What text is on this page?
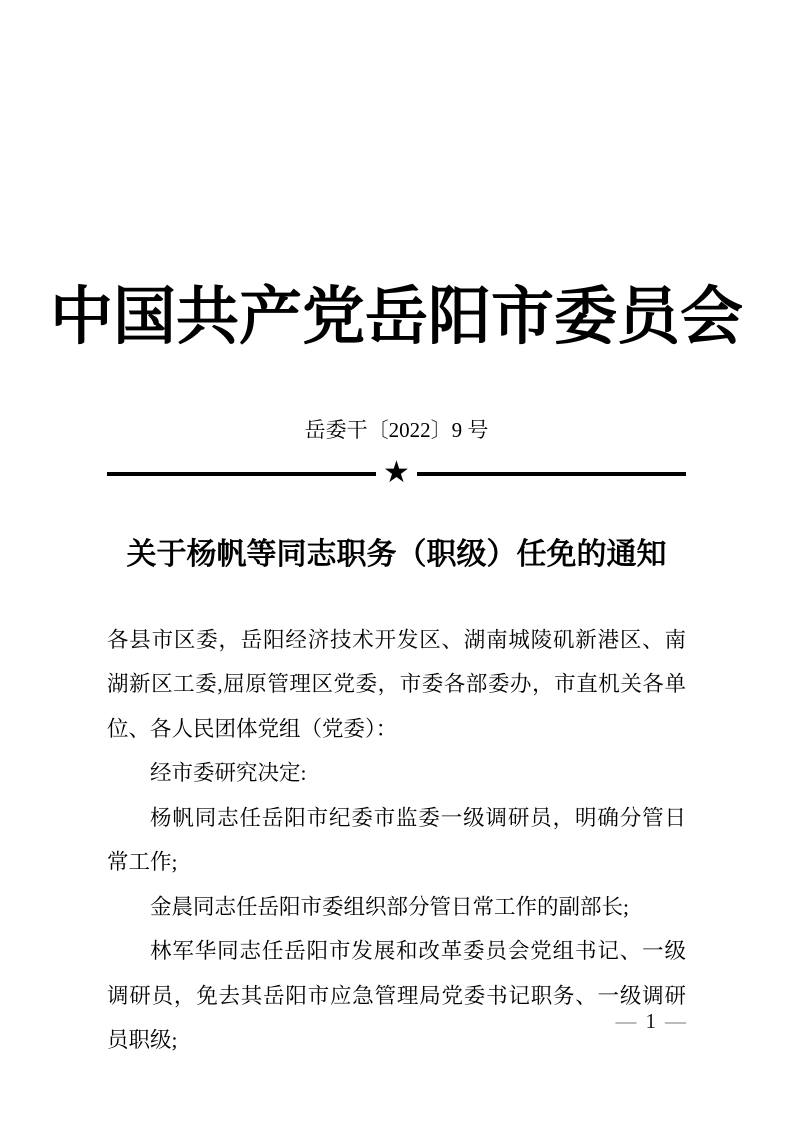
中国共产党岳阳市委员会
岳委干〔2022〕9 号
★
关于杨帆等同志职务（职级）任免的通知

各县市区委，岳阳经济技术开发区、湖南城陵矶新港区、南湖新区工委,屈原管理区党委，市委各部委办，市直机关各单位、各人民团体党组（党委）：

经市委研究决定:

杨帆同志任岳阳市纪委市监委一级调研员，明确分管日常工作;

金晨同志任岳阳市委组织部分管日常工作的副部长;

林军华同志任岳阳市发展和改革委员会党组书记、一级调研员，免去其岳阳市应急管理局党委书记职务、一级调研员职级;

— 1 —
